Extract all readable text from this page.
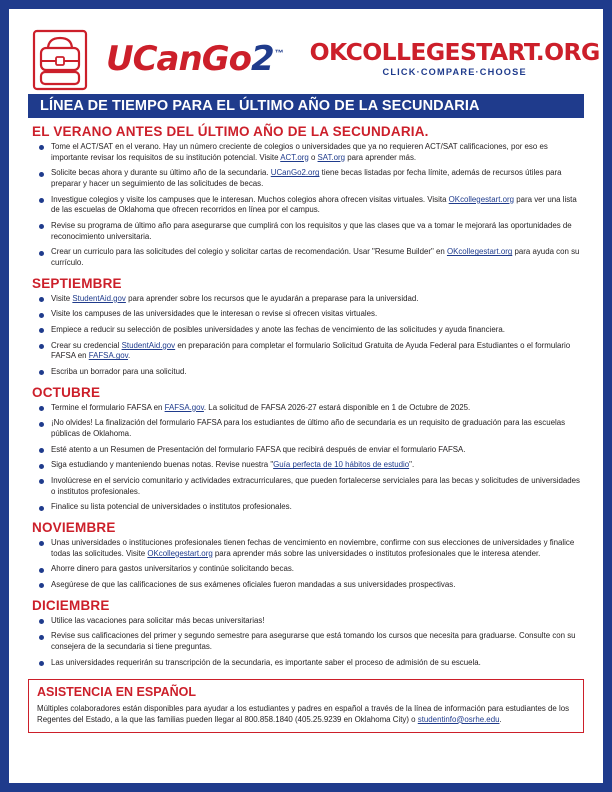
UCanGo 2 ™ OKCOLLEGESTART.ORG
CLICK·COMPARE·CHOOSE
LÍNEA DE TIEMPO PARA EL ÚLTIMO AÑO DE LA SECUNDARIA
EL VERANO ANTES DEL ÚLTIMO AÑO DE LA SECUNDARIA.
Tome el ACT/SAT en el verano. Hay un número creciente de colegios o universidades que ya no requieren ACT/SAT calificaciones, por eso es importante revisar los requisitos de su institución potencial. Visite ACT.org o SAT.org para aprender más.
Solicite becas ahora y durante su último año de la secundaria. UCanGo2.org tiene becas listadas por fecha límite, además de recursos útiles para preparar y hacer un seguimiento de las solicitudes de becas.
Investigue colegios y visite los campuses que le interesan. Muchos colegios ahora ofrecen visitas virtuales. Visita OKcollegestart.org para ver una lista de las escuelas de Oklahoma que ofrecen recorridos en línea por el campus.
Revise su programa de último año para asegurarse que cumplirá con los requisitos y que las clases que va a tomar le mejorará las oportunidades de reconocimiento universitaria.
Crear un curriculo para las solicitudes del colegio y solicitar cartas de recomendación. Usar "Resume Builder" en OKcollegestart.org para ayuda con su currículo.
SEPTIEMBRE
Visite StudentAid.gov para aprender sobre los recursos que le ayudarán a preparase para la universidad.
Visite los campuses de las universidades que le interesan o revise si ofrecen visitas virtuales.
Empiece a reducir su selección de posibles universidades y anote las fechas de vencimiento de las solicitudes y ayuda financiera.
Crear su credencial StudentAid.gov en preparación para completar el formulario Solicitud Gratuita de Ayuda Federal para Estudiantes o el formulario FAFSA en FAFSA.gov.
Escriba un borrador para una solicitud.
OCTUBRE
Termine el formulario FAFSA en FAFSA.gov. La solicitud de FAFSA 2026-27 estará disponible en 1 de Octubre de 2025.
¡No olvides! La finalización del formulario FAFSA para los estudiantes de último año de secundaria es un requisito de graduación para las escuelas públicas de Oklahoma.
Esté atento a un Resumen de Presentación del formulario FAFSA que recibirá después de enviar el formulario FAFSA.
Siga estudiando y manteniendo buenas notas. Revise nuestra "Guía perfecta de 10 hábitos de estudio".
Involúcrese en el servicio comunitario y actividades extracurriculares, que pueden fortalecerse serviciales para las becas y solicitudes de universidades o institutos profesionales.
Finalice su lista potencial de universidades o institutos profesionales.
NOVIEMBRE
Unas universidades o instituciones profesionales tienen fechas de vencimiento en noviembre, confirme con sus elecciones de universidades y finalice todas las solicitudes. Visite OKcollegestart.org para aprender más sobre las universidades o institutos profesionales que le interesa atender.
Ahorre dinero para gastos universitarios y continúe solicitando becas.
Asegúrese de que las calificaciones de sus exámenes oficiales fueron mandadas a sus universidades prospectivas.
DICIEMBRE
Utilice las vacaciones para solicitar más becas universitarias!
Revise sus calificaciones del primer y segundo semestre para asegurarse que está tomando los cursos que necesita para graduarse. Consulte con su consejera de la secundaria si tiene preguntas.
Las universidades requerirán su transcripción de la secundaria, es importante saber el proceso de admisión de su escuela.
ASISTENCIA EN ESPAÑOL
Múltiples colaboradores están disponibles para ayudar a los estudiantes y padres en español a través de la línea de información para estudiantes de los Regentes del Estado, a la que las familias pueden llegar al 800.858.1840 (405.25.9239 en Oklahoma City) o studentinfo@osrhe.edu.
